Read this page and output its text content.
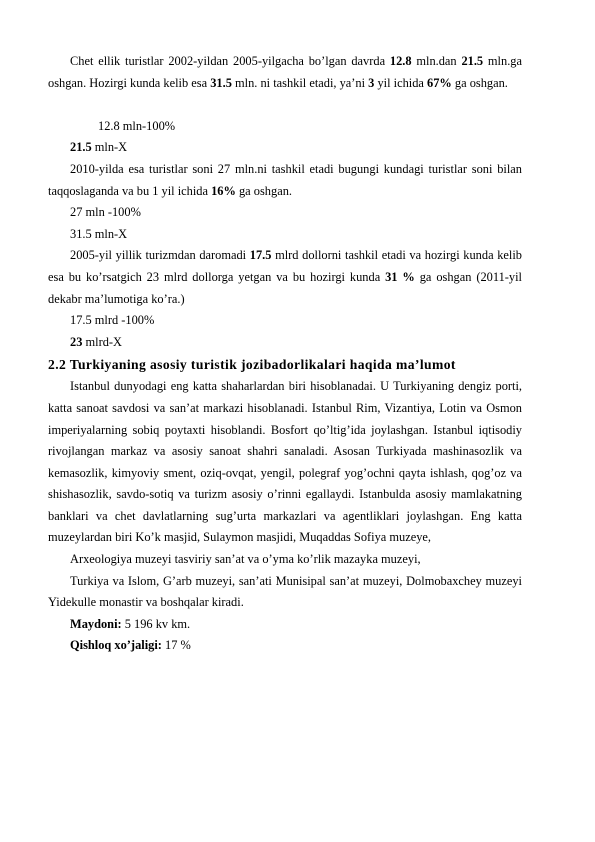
Chet ellik turistlar 2002-yildan 2005-yilgacha bo’lgan davrda 12.8 mln.dan 21.5 mln.ga oshgan. Hozirgi kunda kelib esa 31.5 mln. ni tashkil etadi, ya’ni 3 yil ichida 67% ga oshgan.

12.8 mln-100%

21.5 mln-X

2010-yilda esa turistlar soni 27 mln.ni tashkil etadi bugungi kundagi turistlar soni bilan taqqoslaganda va bu 1 yil ichida 16% ga oshgan.

27 mln -100%

31.5 mln-X

2005-yil yillik turizmdan daromadi 17.5 mlrd dollorni tashkil etadi va hozirgi kunda kelib esa bu ko’rsatgich 23 mlrd dollorga yetgan va bu hozirgi kunda 31 % ga oshgan (2011-yil dekabr ma’lumotiga ko’ra.)

17.5 mlrd -100%

23 mlrd-X

2.2 Turkiyaning asosiy turistik jozibadorlikalari haqida ma’lumot

Istanbul dunyodagi eng katta shaharlardan biri hisoblanadai. U Turkiyaning dengiz porti, katta sanoat savdosi va san’at markazi hisoblanadi. Istanbul Rim, Vizantiya, Lotin va Osmon imperiyalarning sobiq poytaxti hisoblandi. Bosfort qo’ltig’ida joylashgan. Istanbul iqtisodiy rivojlangan markaz va asosiy sanoat shahri sanaladi. Asosan Turkiyada mashinasozlik va kemasozlik, kimyoviy sment, oziq-ovqat, yengil, polegraf yog’ochni qayta ishlash, qog’oz va shishasozlik, savdo-sotiq va turizm asosiy o’rinni egallaydi. Istanbulda asosiy mamlakatning banklari va chet davlatlarning sug’urta markazlari va agentliklari joylashgan. Eng katta muzeylardan biri Ko’k masjid, Sulaymon masjidi, Muqaddas Sofiya muzeye,

Arxeologiya muzeyi tasviriy san’at va o’yma ko’rlik mazayka muzeyi,

Turkiya va Islom, G’arb muzeyi, san’ati Munisipal san’at muzeyi, Dolmobaxchey muzeyi Yidekulle monastir va boshqalar kiradi.

Maydoni: 5 196 kv km.

Qishloq xo’jaligi: 17 %
